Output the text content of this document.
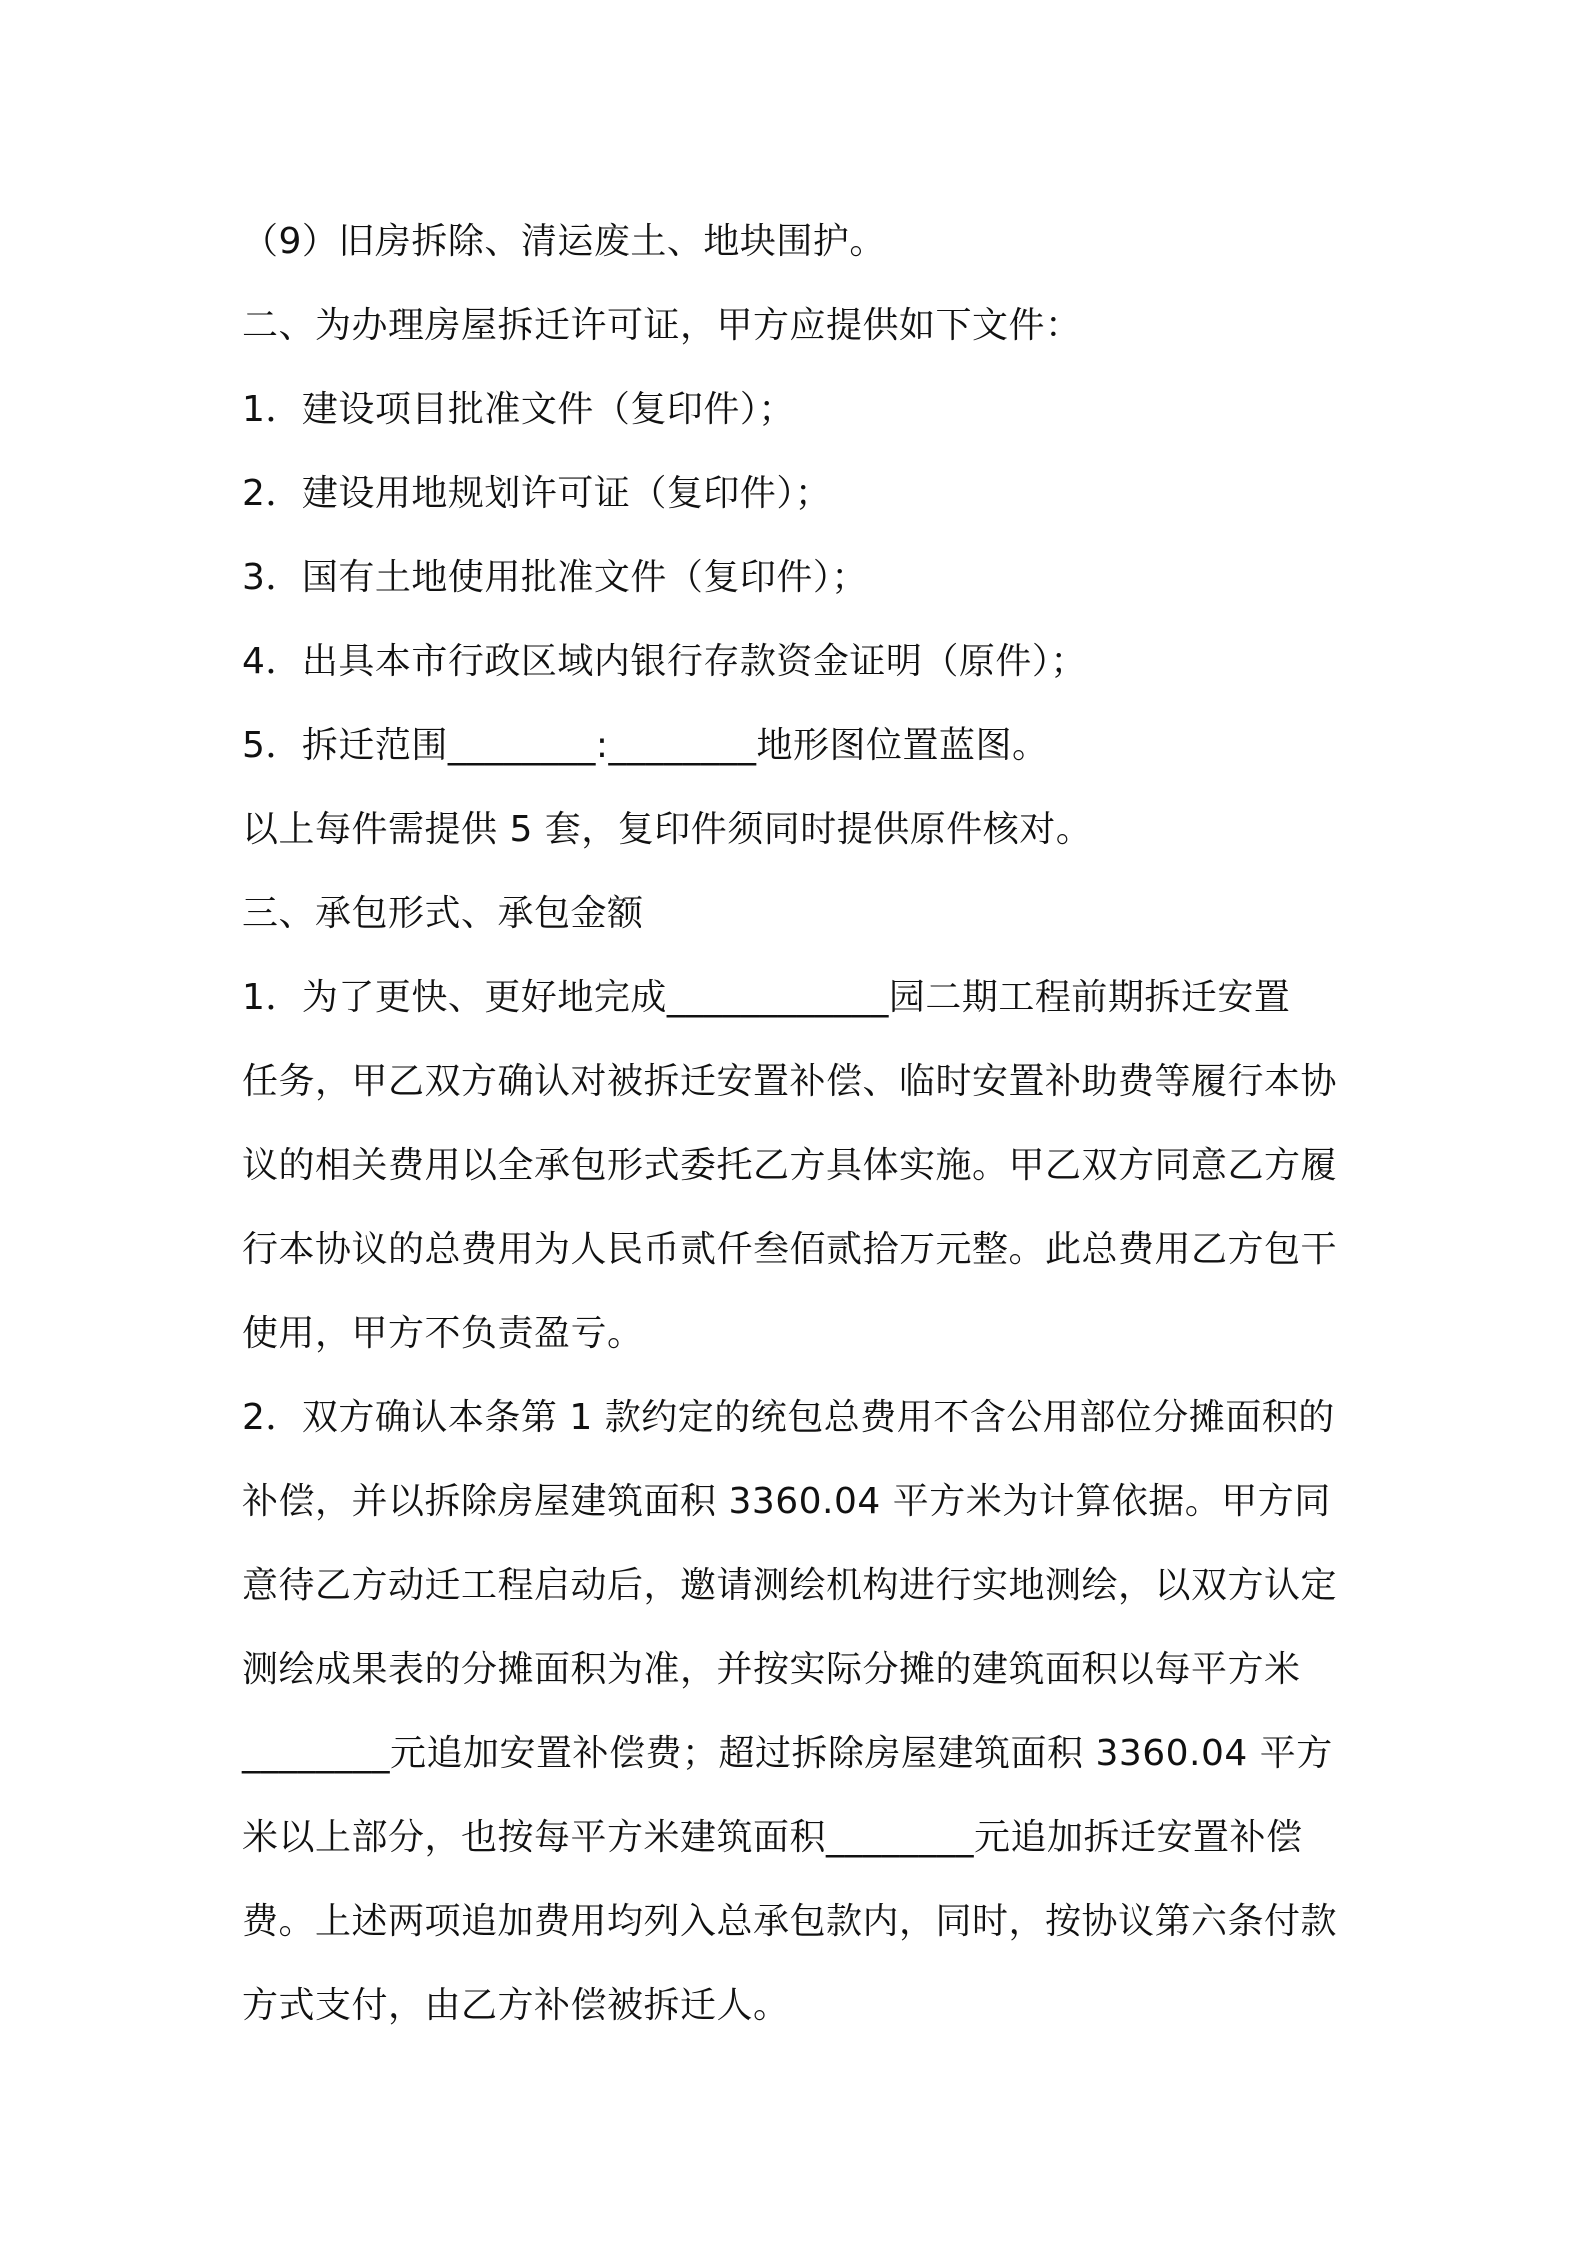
（9）旧房拆除、清运废土、地块围护。
二、为办理房屋拆迁许可证，甲方应提供如下文件：
1．建设项目批准文件（复印件）；
2．建设用地规划许可证（复印件）；
3．国有土地使用批准文件（复印件）；
4．出具本市行政区域内银行存款资金证明（原件）；
5．拆迁范围________:________地形图位置蓝图。
以上每件需提供 5 套，复印件须同时提供原件核对。
三、承包形式、承包金额
1．为了更快、更好地完成____________园二期工程前期拆迁安置
任务，甲乙双方确认对被拆迁安置补偿、临时安置补助费等履行本协
议的相关费用以全承包形式委托乙方具体实施。甲乙双方同意乙方履
行本协议的总费用为人民币贰仟叁佰贰拾万元整。此总费用乙方包干
使用，甲方不负责盈亏。
2．双方确认本条第 1 款约定的统包总费用不含公用部位分摊面积的
补偿，并以拆除房屋建筑面积 3360.04 平方米为计算依据。甲方同
意待乙方动迁工程启动后，邀请测绘机构进行实地测绘，以双方认定
测绘成果表的分摊面积为准，并按实际分摊的建筑面积以每平方米
________元追加安置补偿费；超过拆除房屋建筑面积 3360.04 平方
米以上部分，也按每平方米建筑面积________元追加拆迁安置补偿
费。上述两项追加费用均列入总承包款内，同时，按协议第六条付款
方式支付，由乙方补偿被拆迁人。
